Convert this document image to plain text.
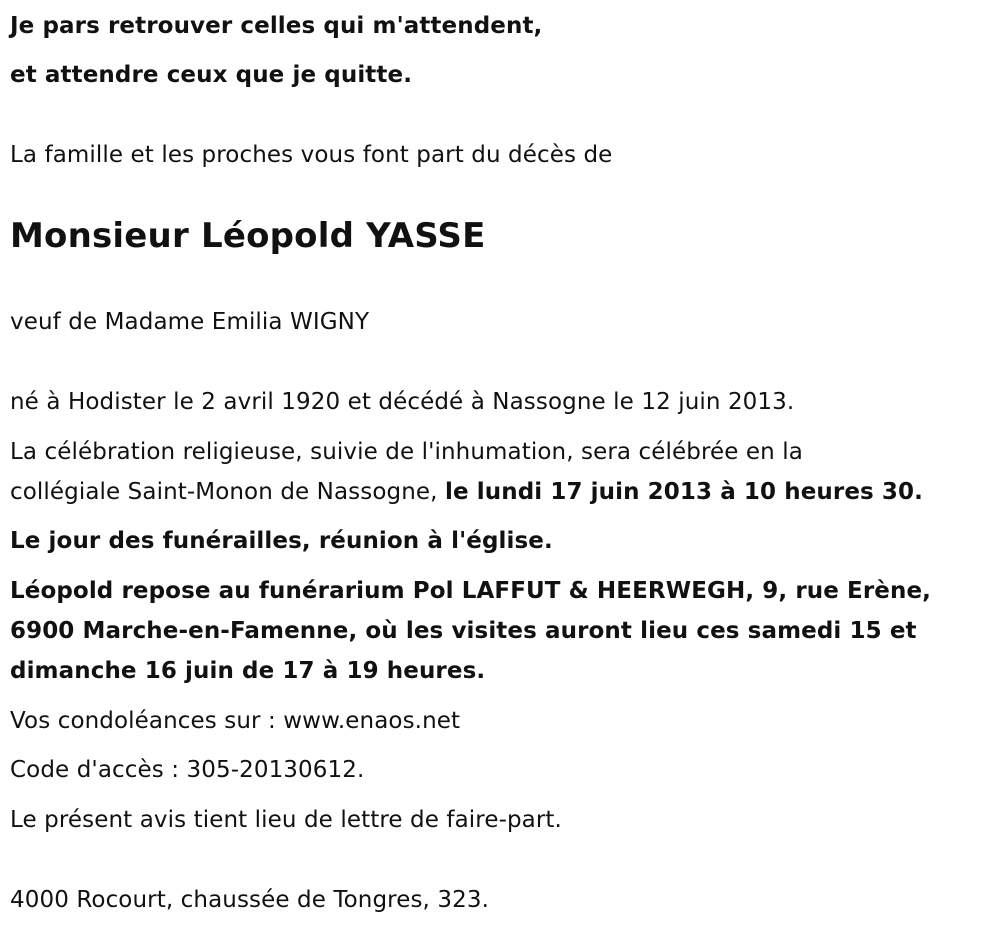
Je pars retrouver celles qui m'attendent,
et attendre ceux que je quitte.
La famille et les proches vous font part du décès de
Monsieur Léopold YASSE
veuf de Madame Emilia WIGNY
né à Hodister le 2 avril 1920 et décédé à Nassogne le 12 juin 2013.
La célébration religieuse, suivie de l'inhumation, sera célébrée en la
collégiale Saint-Monon de Nassogne, le lundi 17 juin 2013 à 10 heures 30.
Le jour des funérailles, réunion à l'église.
Léopold repose au funérarium Pol LAFFUT & HEERWEGH, 9, rue Erène,
6900 Marche-en-Famenne, où les visites auront lieu ces samedi 15 et
dimanche 16 juin de 17 à 19 heures.
Vos condoléances sur : www.enaos.net
Code d'accès : 305-20130612.
Le présent avis tient lieu de lettre de faire-part.
4000 Rocourt, chaussée de Tongres, 323.
